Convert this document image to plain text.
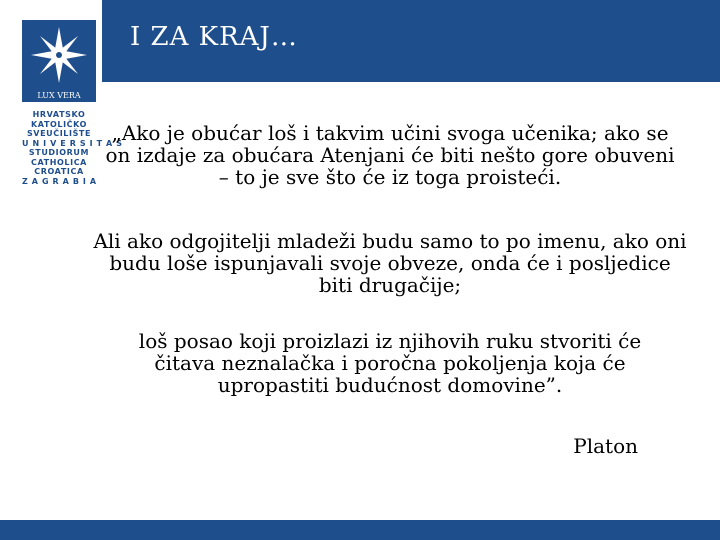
LUX VERA
HRVATSKO
KATOLIČKO
SVEUČILIŠTE
U N I V E R S I T A S
STUDIORUM
CATHOLICA
CROATICA
Z A G R A B I A
I ZA KRAJ…
„Ako je obućar loš i takvim učini svoga učenika; ako se on izdaje za obućara Atenjani će biti nešto gore obuveni – to je sve što će iz toga proisteći.
Ali ako odgojitelji mladeži budu samo to po imenu, ako oni budu loše ispunjavali svoje obveze, onda će i posljedice biti drugačije;
loš posao koji proizlazi iz njihovih ruku stvoriti će čitava neznalačka i poročna pokoljenja koja će upropastiti budućnost domovine”.
Platon
